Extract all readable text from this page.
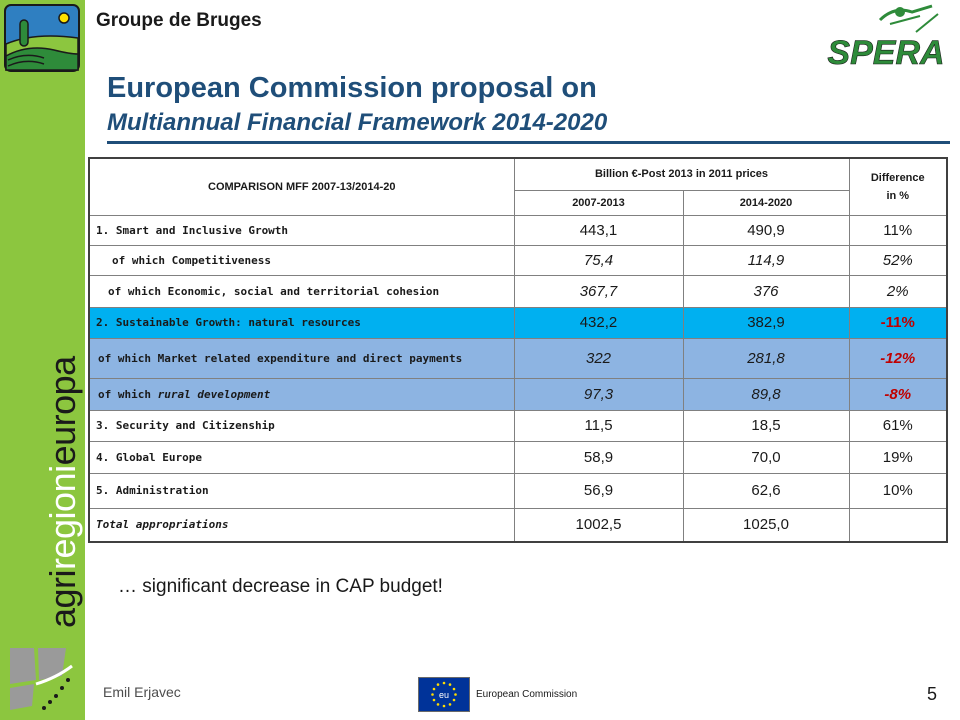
agriregionieuropa
Groupe de Bruges
SPERA
European Commission proposal on
Multiannual Financial Framework 2014-2020
COMPARISON MFF 2007-13/2014-20	Billion €-Post 2013 in 2011 prices		Difference
in %

	2007-2013	2014-2020	
1. Smart and Inclusive Growth	443,1	490,9	11%
of which Competitiveness	75,4	114,9	52%
of which Economic, social and territorial cohesion	367,7	376	2%
2. Sustainable Growth: natural resources	432,2	382,9	-11%
of which Market related expenditure and direct payments	322	281,8	-12%
of which rural development	97,3	89,8	-8%
3. Security and Citizenship	11,5	18,5	61%
4. Global Europe	58,9	70,0	19%
5. Administration	56,9	62,6	10%
Total appropriations	1002,5	1025,0	
… significant decrease in CAP budget!
Emil Erjavec	eu	European Commission	5
